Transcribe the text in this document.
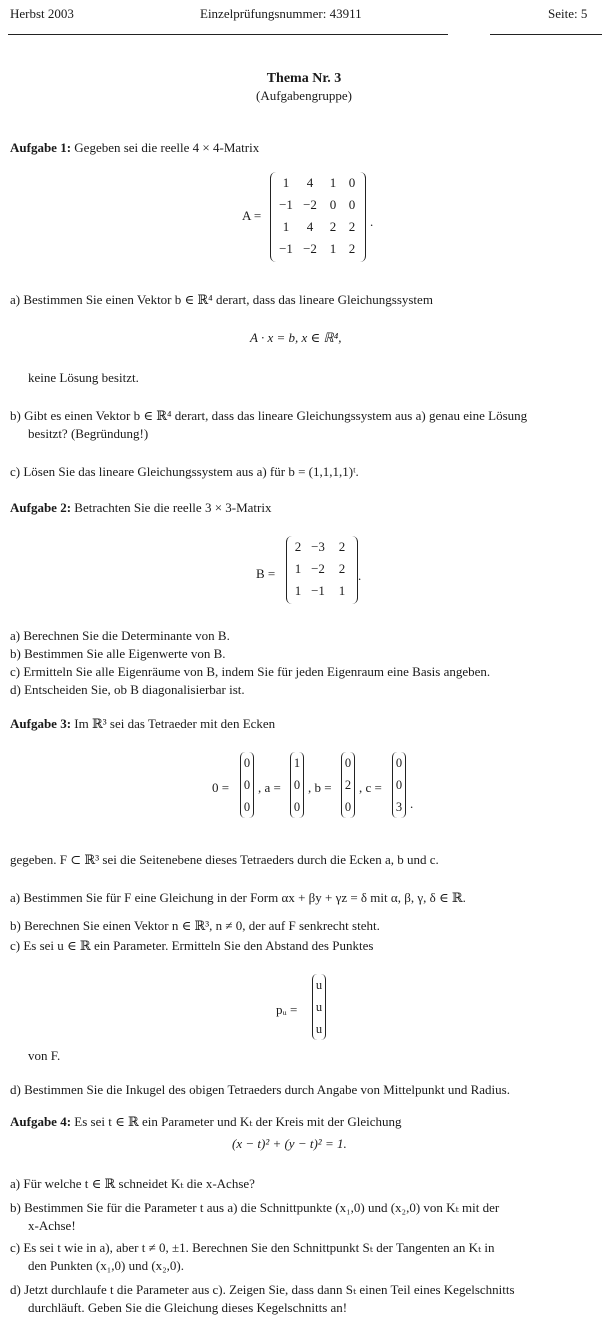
Herbst 2003	Einzelprüfungsnummer: 43911	Seite: 5
Thema Nr. 3
(Aufgabengruppe)
Aufgabe 1: Gegeben sei die reelle 4 × 4-Matrix
A =
1	4	1 0
−1 −2 0 0
1	4	2 2
−1 −2 1 2
.
a) Bestimmen Sie einen Vektor b ∈ ℝ⁴ derart, dass das lineare Gleichungssystem
A · x = b, x ∈ ℝ⁴,
keine Lösung besitzt.
b) Gibt es einen Vektor b ∈ ℝ⁴ derart, dass das lineare Gleichungssystem aus a) genau eine Lösung
besitzt? (Begründung!)
c) Lösen Sie das lineare Gleichungssystem aus a) für b = (1,1,1,1)ᵗ.
Aufgabe 2: Betrachten Sie die reelle 3 × 3-Matrix
B =
2 −3	2
1 −2	2
1 −1	1
.
a) Berechnen Sie die Determinante von B.
b) Bestimmen Sie alle Eigenwerte von B.
c) Ermitteln Sie alle Eigenräume von B, indem Sie für jeden Eigenraum eine Basis angeben.
d) Entscheiden Sie, ob B diagonalisierbar ist.
Aufgabe 3: Im ℝ³ sei das Tetraeder mit den Ecken
0 =
0
0
0
, a =
1
0
0
, b =
0
2
0
, c =
0
0
3 .
gegeben. F ⊂ ℝ³ sei die Seitenebene dieses Tetraeders durch die Ecken a, b und c.
a) Bestimmen Sie für F eine Gleichung in der Form αx + βy + γz = δ mit α, β, γ, δ ∈ ℝ.
b) Berechnen Sie einen Vektor n ∈ ℝ³, n ≠ 0, der auf F senkrecht steht.
c) Es sei u ∈ ℝ ein Parameter. Ermitteln Sie den Abstand des Punktes
pᵤ =
u
u
u
von F.
d) Bestimmen Sie die Inkugel des obigen Tetraeders durch Angabe von Mittelpunkt und Radius.
Aufgabe 4: Es sei t ∈ ℝ ein Parameter und Kₜ der Kreis mit der Gleichung
(x − t)² + (y − t)² = 1.
a) Für welche t ∈ ℝ schneidet Kₜ die x-Achse?
b) Bestimmen Sie für die Parameter t aus a) die Schnittpunkte (x₁,0) und (x₂,0) von Kₜ mit der
x-Achse!
c) Es sei t wie in a), aber t ≠ 0, ±1. Berechnen Sie den Schnittpunkt Sₜ der Tangenten an Kₜ in
den Punkten (x₁,0) und (x₂,0).
d) Jetzt durchlaufe t die Parameter aus c). Zeigen Sie, dass dann Sₜ einen Teil eines Kegelschnitts
durchläuft. Geben Sie die Gleichung dieses Kegelschnitts an!
